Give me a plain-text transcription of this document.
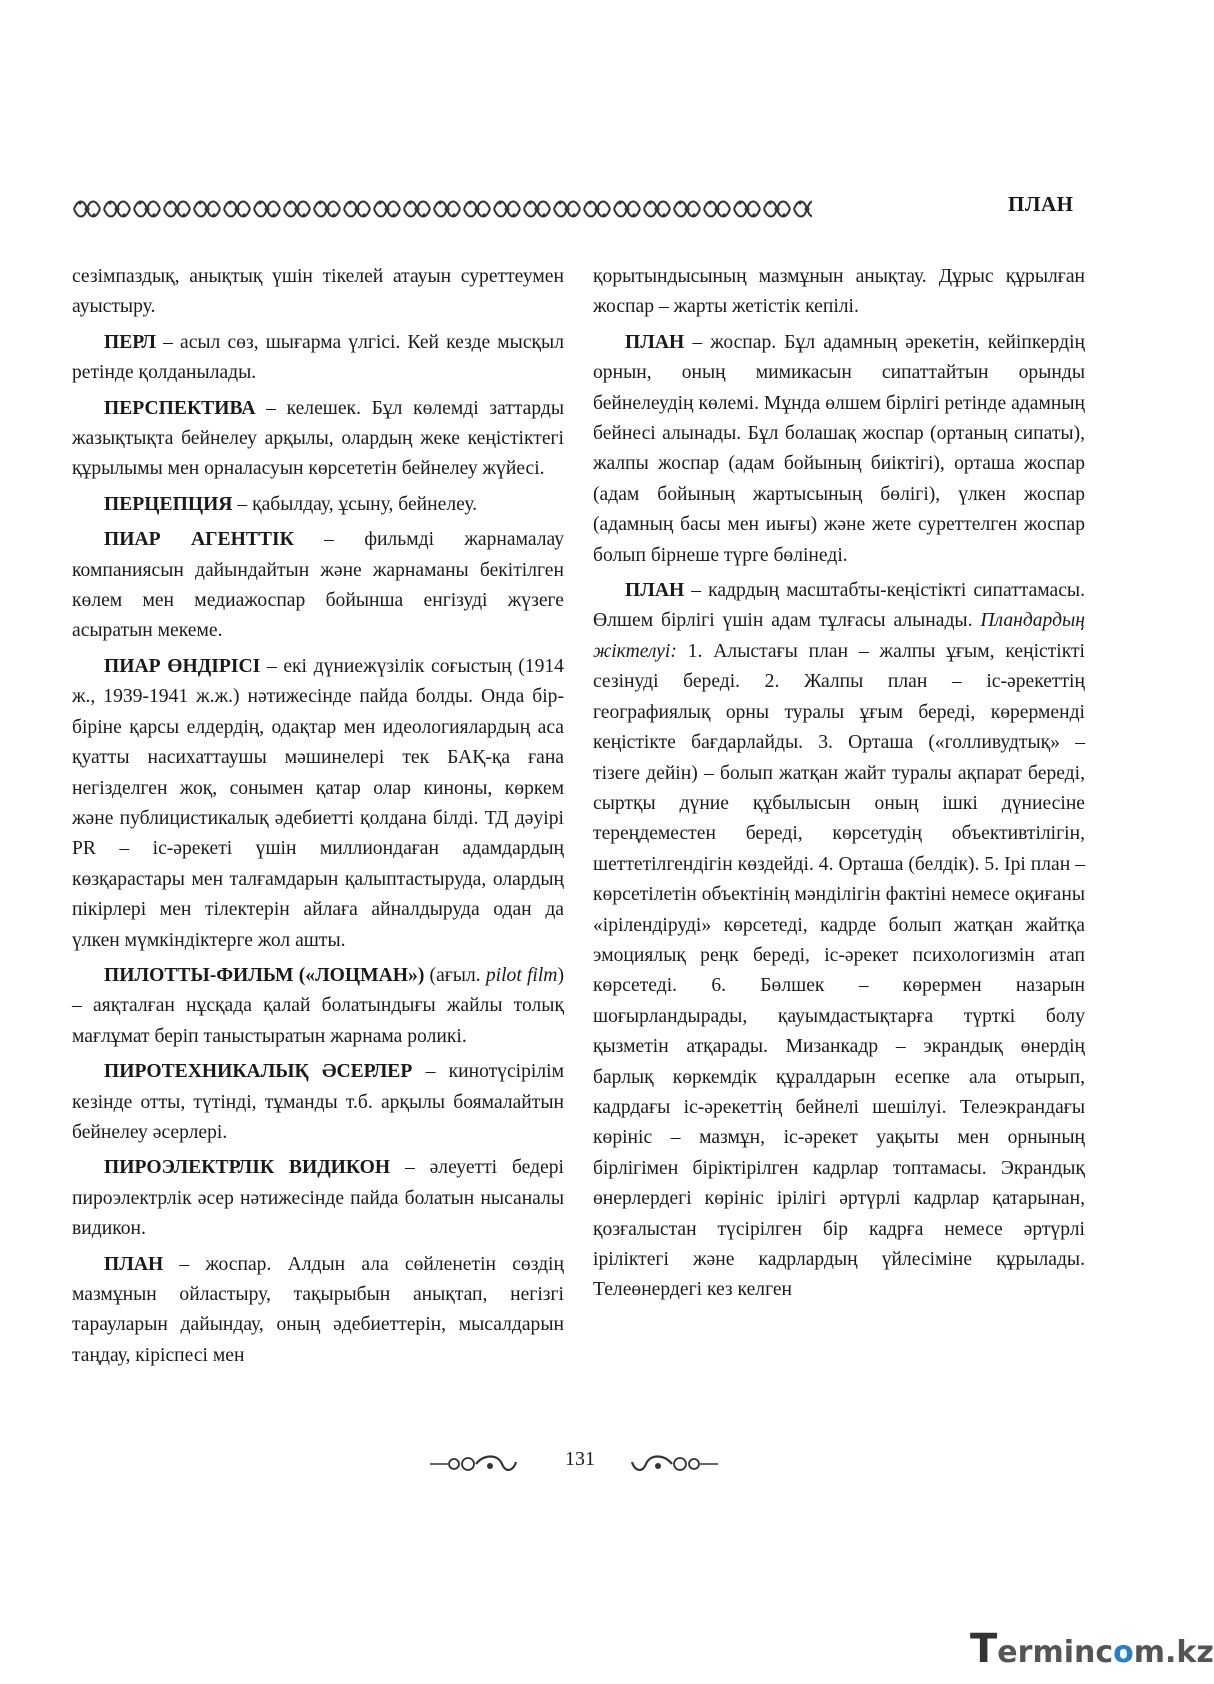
ПЛАН

сезімпаздық, анықтық үшін тікелей атауын суреттеумен ауыстыру.

ПЕРЛ – асыл сөз, шығарма үлгісі. Кей кезде мысқыл ретінде қолданылады.

ПЕРСПЕКТИВА – келешек. Бұл көлемді заттарды жазықтықта бейнелеу арқылы, олардың жеке кеңістіктегі құрылымы мен орналасуын көрсететін бейнелеу жүйесі.

ПЕРЦЕПЦИЯ – қабылдау, ұсыну, бейнелеу.

ПИАР АГЕНТТІК – фильмді жарнамалау компаниясын дайындайтын және жарнаманы бекітілген көлем мен медиажоспар бойынша енгізуді жүзеге асыратын мекеме.

ПИАР ӨНДІРІСІ – екі дүниежүзілік соғыстың (1914 ж., 1939-1941 ж.ж.) нәтижесінде пайда болды. Онда бір-біріне қарсы елдердің, одақтар мен идеологиялардың аса қуатты насихаттаушы мәшинелері тек БАҚ-қа ғана негізделген жоқ, сонымен қатар олар киноны, көркем және публицистикалық әдебиетті қолдана білді. ТД дәуірі PR – іс-әрекеті үшін миллиондаған адамдардың көзқарастары мен талғамдарын қалыптастыруда, олардың пікірлері мен тілектерін айлаға айналдыруда одан да үлкен мүмкіндіктерге жол ашты.

ПИЛОТТЫ-ФИЛЬМ («ЛОЦМАН») (ағыл. pilot film) – аяқталған нұсқада қалай болатындығы жайлы толық мағлұмат беріп таныстыратын жарнама роликі.

ПИРОТЕХНИКАЛЫҚ ӘСЕРЛЕР – кинотүсірілім кезінде отты, түтінді, тұманды т.б. арқылы боямалайтын бейнелеу әсерлері.

ПИРОЭЛЕКТРЛІК ВИДИКОН – әлеуетті бедері пироэлектрлік әсер нәтижесінде пайда болатын нысаналы видикон.

ПЛАН – жоспар. Алдын ала сөйленетін сөздің мазмұнын ойластыру, тақырыбын анықтап, негізгі тарауларын дайындау, оның әдебиеттерін, мысалдарын таңдау, кіріспесі мен

қорытындысының мазмұнын анықтау. Дұрыс құрылған жоспар – жарты жетістік кепілі.

ПЛАН – жоспар. Бұл адамның әрекетін, кейіпкердің орнын, оның мимикасын сипаттайтын орынды бейнелеудің көлемі. Мұнда өлшем бірлігі ретінде адамның бейнесі алынады. Бұл болашақ жоспар (ортаның сипаты), жалпы жоспар (адам бойының биіктігі), орташа жоспар (адам бойының жартысының бөлігі), үлкен жоспар (адамның басы мен иығы) және жете суреттелген жоспар болып бірнеше түрге бөлінеді.

ПЛАН – кадрдың масштабты-кеңістікті сипаттамасы. Өлшем бірлігі үшін адам тұлғасы алынады. Пландардың жіктелуі: 1. Алыстағы план – жалпы ұғым, кеңістікті сезінуді береді. 2. Жалпы план – іс-әрекеттің географиялық орны туралы ұғым береді, көрерменді кеңістікте бағдарлайды. 3. Орташа («голливудтық» – тізеге дейін) – болып жатқан жайт туралы ақпарат береді, сыртқы дүние құбылысын оның ішкі дүниесіне тереңдеместен береді, көрсетудің объективтілігін, шеттетілгендігін көздейді. 4. Орташа (белдік). 5. Ірі план – көрсетілетін объектінің мәнділігін фактіні немесе оқиғаны «ірілендіруді» көрсетеді, кадрде болып жатқан жайтқа эмоциялық реңк береді, іс-әрекет психологизмін атап көрсетеді. 6. Бөлшек – көрермен назарын шоғырландырады, қауымдастықтарға түрткі болу қызметін атқарады. Мизанкадр – экрандық өнердің барлық көркемдік құралдарын есепке ала отырып, кадрдағы іс-әрекеттің бейнелі шешілуі. Телеэкрандағы көрініс – мазмұн, іс-әрекет уақыты мен орнының бірлігімен біріктірілген кадрлар топтамасы. Экрандық өнерлердегі көрініс ірілігі әртүрлі кадрлар қатарынан, қозғалыстан түсірілген бір кадрға немесе әртүрлі іріліктегі және кадрлардың үйлесіміне құрылады. Телеөнердегі кез келген

131
Termincom.kz
